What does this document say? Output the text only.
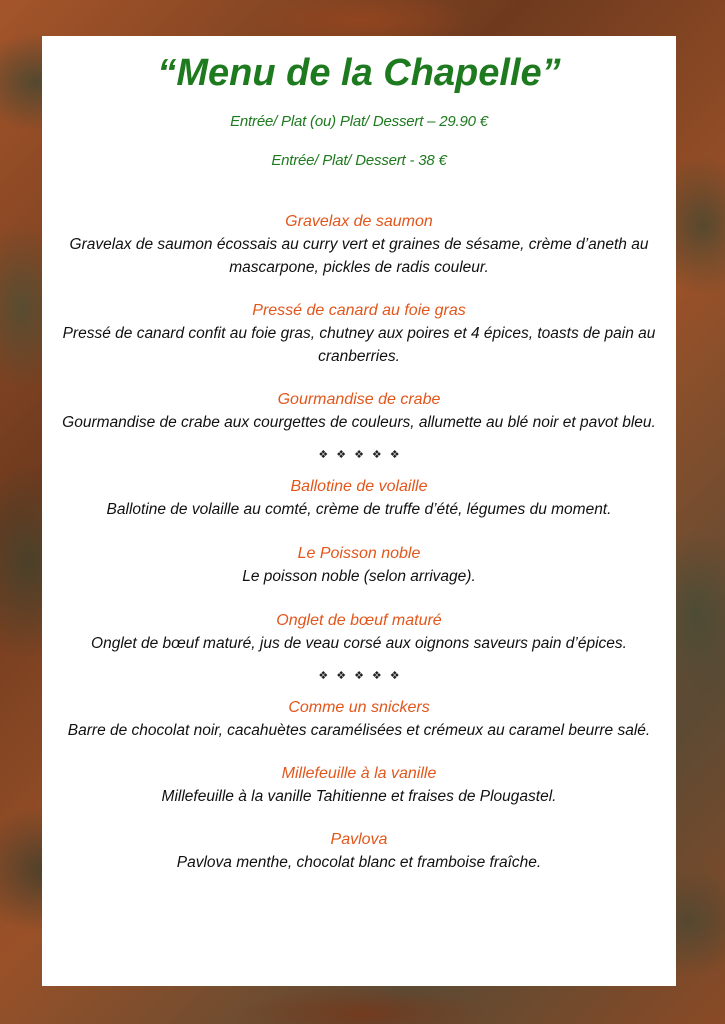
“Menu de la Chapelle”
Entrée/ Plat (ou) Plat/ Dessert – 29.90 €
Entrée/ Plat/ Dessert - 38 €
Gravelax de saumon
Gravelax de saumon écossais au curry vert et graines de sésame, crème d’aneth au mascarpone, pickles de radis couleur.
Pressé de canard au foie gras
Pressé de canard confit au foie gras, chutney aux poires et 4 épices, toasts de pain au cranberries.
Gourmandise de crabe
Gourmandise de crabe aux courgettes de couleurs, allumette au blé noir et pavot bleu.
❖❖❖❖❖
Ballotine de volaille
Ballotine de volaille au comté, crème de truffe d’été, légumes du moment.
Le Poisson noble
Le poisson noble (selon arrivage).
Onglet de bœuf maturé
Onglet de bœuf maturé, jus de veau corsé aux oignons saveurs pain d’épices.
❖❖❖❖❖
Comme un snickers
Barre de chocolat noir, cacahuètes caramélisées et crémeux au caramel beurre salé.
Millefeuille à la vanille
Millefeuille à la vanille Tahitienne et fraises de Plougastel.
Pavlova
Pavlova menthe, chocolat blanc et framboise fraîche.
